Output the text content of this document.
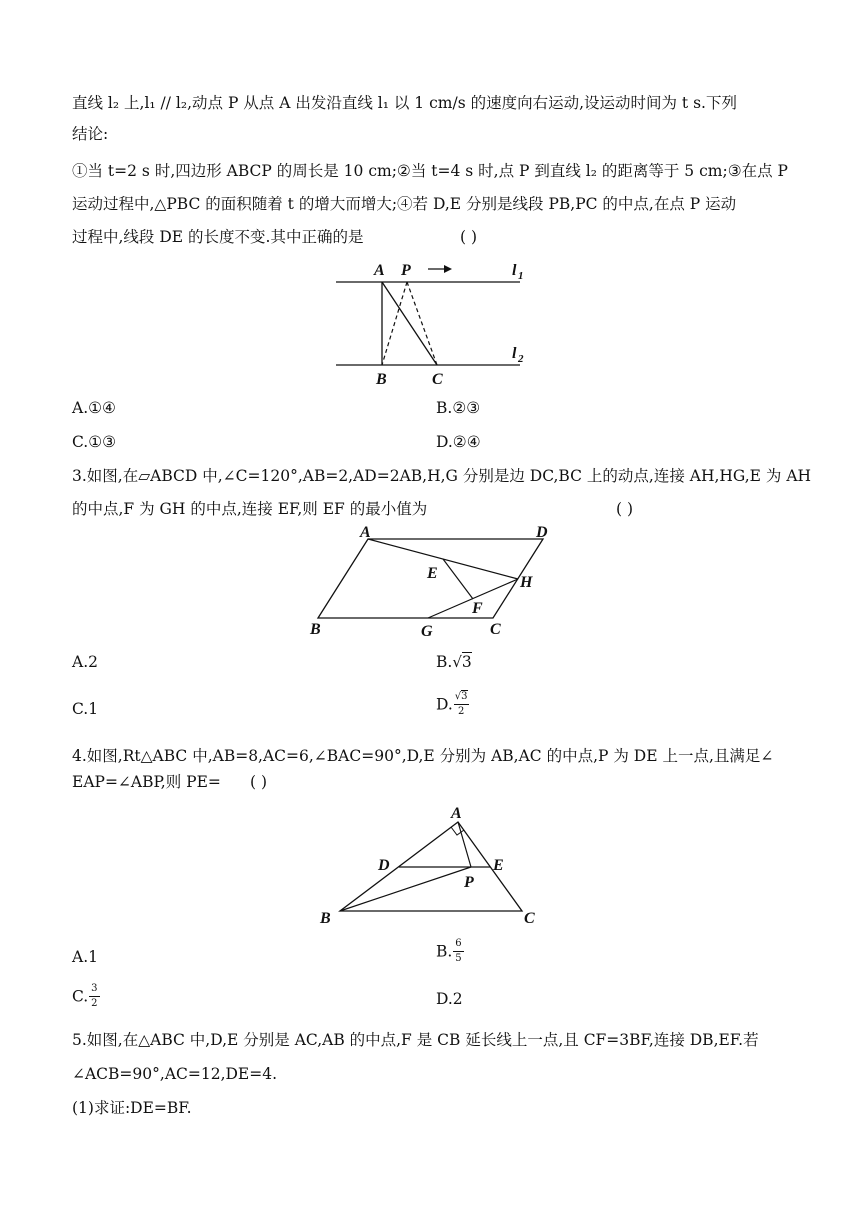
直线 l₂ 上,l₁ // l₂,动点 P 从点 A 出发沿直线 l₁ 以 1 cm/s 的速度向右运动,设运动时间为 t s.下列
结论:
①当 t=2 s 时,四边形 ABCP 的周长是 10 cm;②当 t=4 s 时,点 P 到直线 l₂ 的距离等于 5 cm;③在点 P
运动过程中,△PBC 的面积随着 t 的增大而增大;④若 D,E 分别是线段 PB,PC 的中点,在点 P 运动
过程中,线段 DE 的长度不变.其中正确的是	( )
A P	l 1
l 2
B	C
A.①④	B.②③
C.①③	D.②④
3.如图,在▱ABCD 中,∠C=120°,AB=2,AD=2AB,H,G 分别是边 DC,BC 上的动点,连接 AH,HG,E 为 AH
的中点,F 为 GH 的中点,连接 EF,则 EF 的最小值为	( )
A	D
E
H
F
B	G	C
A.2	B.√3
C.1	D. $\frac{√3}{2}$
4.如图,Rt△ABC 中,AB=8,AC=6,∠BAC=90°,D,E 分别为 AB,AC 的中点,P 为 DE 上一点,且满足∠
EAP=∠ABP,则 PE=	( )
A
D	E
P
B	C
A.1	B. $\frac{6}{5}$
C. $\frac{3}{2}$	D.2
5.如图,在△ABC 中,D,E 分别是 AC,AB 的中点,F 是 CB 延长线上一点,且 CF=3BF,连接 DB,EF.若
∠ACB=90°,AC=12,DE=4.
(1)求证:DE=BF.
